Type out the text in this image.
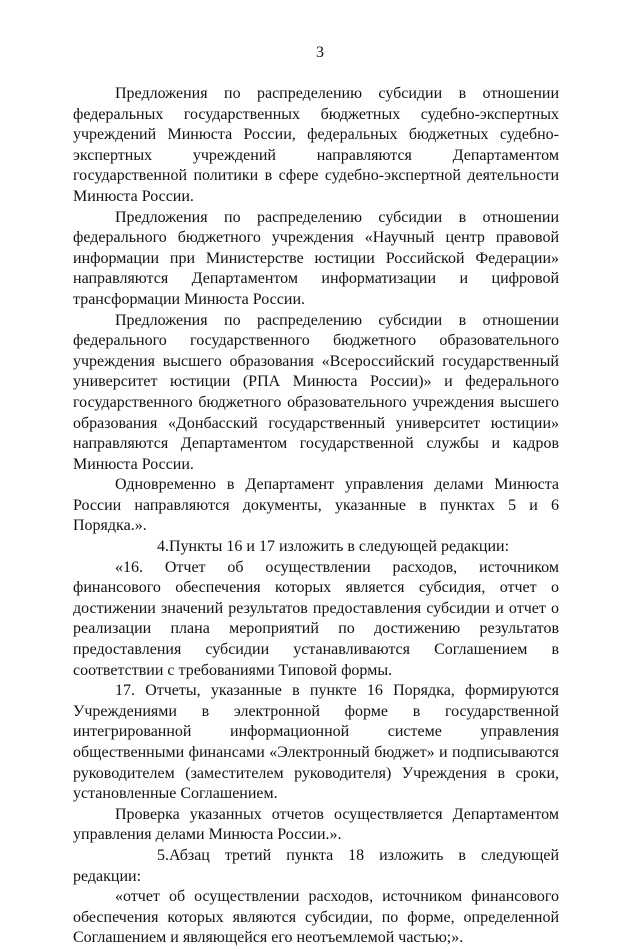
3

Предложения по распределению субсидии в отношении федеральных государственных бюджетных судебно-экспертных учреждений Минюста России, федеральных бюджетных судебно-экспертных учреждений направляются Департаментом государственной политики в сфере судебно-экспертной деятельности Минюста России.

Предложения по распределению субсидии в отношении федерального бюджетного учреждения «Научный центр правовой информации при Министерстве юстиции Российской Федерации» направляются Департаментом информатизации и цифровой трансформации Минюста России.

Предложения по распределению субсидии в отношении федерального государственного бюджетного образовательного учреждения высшего образования «Всероссийский государственный университет юстиции (РПА Минюста России)» и федерального государственного бюджетного образовательного учреждения высшего образования «Донбасский государственный университет юстиции» направляются Департаментом государственной службы и кадров Минюста России.

Одновременно в Департамент управления делами Минюста России направляются документы, указанные в пунктах 5 и 6 Порядка.».

4.Пункты 16 и 17 изложить в следующей редакции:

«16. Отчет об осуществлении расходов, источником финансового обеспечения которых является субсидия, отчет о достижении значений результатов предоставления субсидии и отчет о реализации плана мероприятий по достижению результатов предоставления субсидии устанавливаются Соглашением в соответствии с требованиями Типовой формы.

17. Отчеты, указанные в пункте 16 Порядка, формируются Учреждениями в электронной форме в государственной интегрированной информационной системе управления общественными финансами «Электронный бюджет» и подписываются руководителем (заместителем руководителя) Учреждения в сроки, установленные Соглашением.

Проверка указанных отчетов осуществляется Департаментом управления делами Минюста России.».

5.Абзац третий пункта 18 изложить в следующей редакции:

«отчет об осуществлении расходов, источником финансового обеспечения которых являются субсидии, по форме, определенной Соглашением и являющейся его неотъемлемой частью;».
